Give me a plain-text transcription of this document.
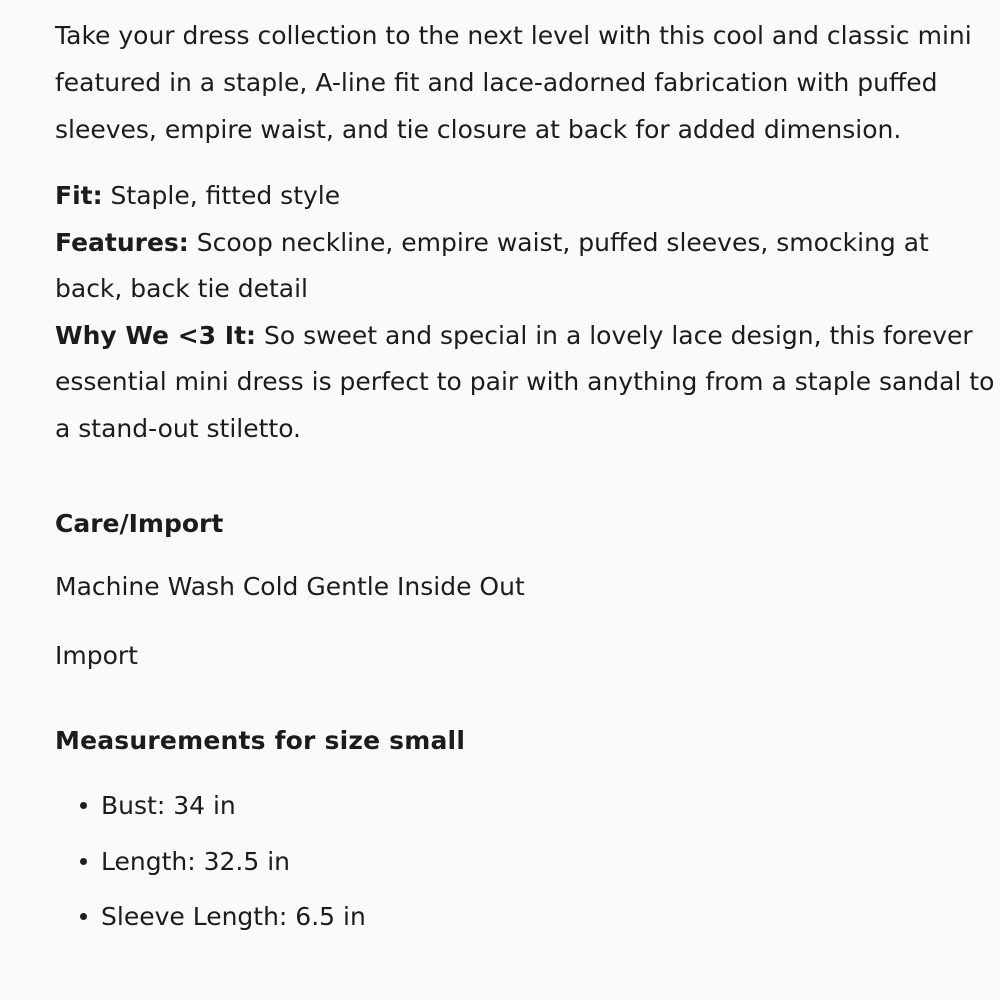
Take your dress collection to the next level with this cool and classic mini featured in a staple, A-line fit and lace-adorned fabrication with puffed sleeves, empire waist, and tie closure at back for added dimension.

Fit: Staple, fitted style
Features: Scoop neckline, empire waist, puffed sleeves, smocking at back, back tie detail
Why We <3 It: So sweet and special in a lovely lace design, this forever essential mini dress is perfect to pair with anything from a staple sandal to a stand-out stiletto.
Care/Import
Machine Wash Cold Gentle Inside Out
Import
Measurements for size small
Bust: 34 in
Length: 32.5 in
Sleeve Length: 6.5 in
